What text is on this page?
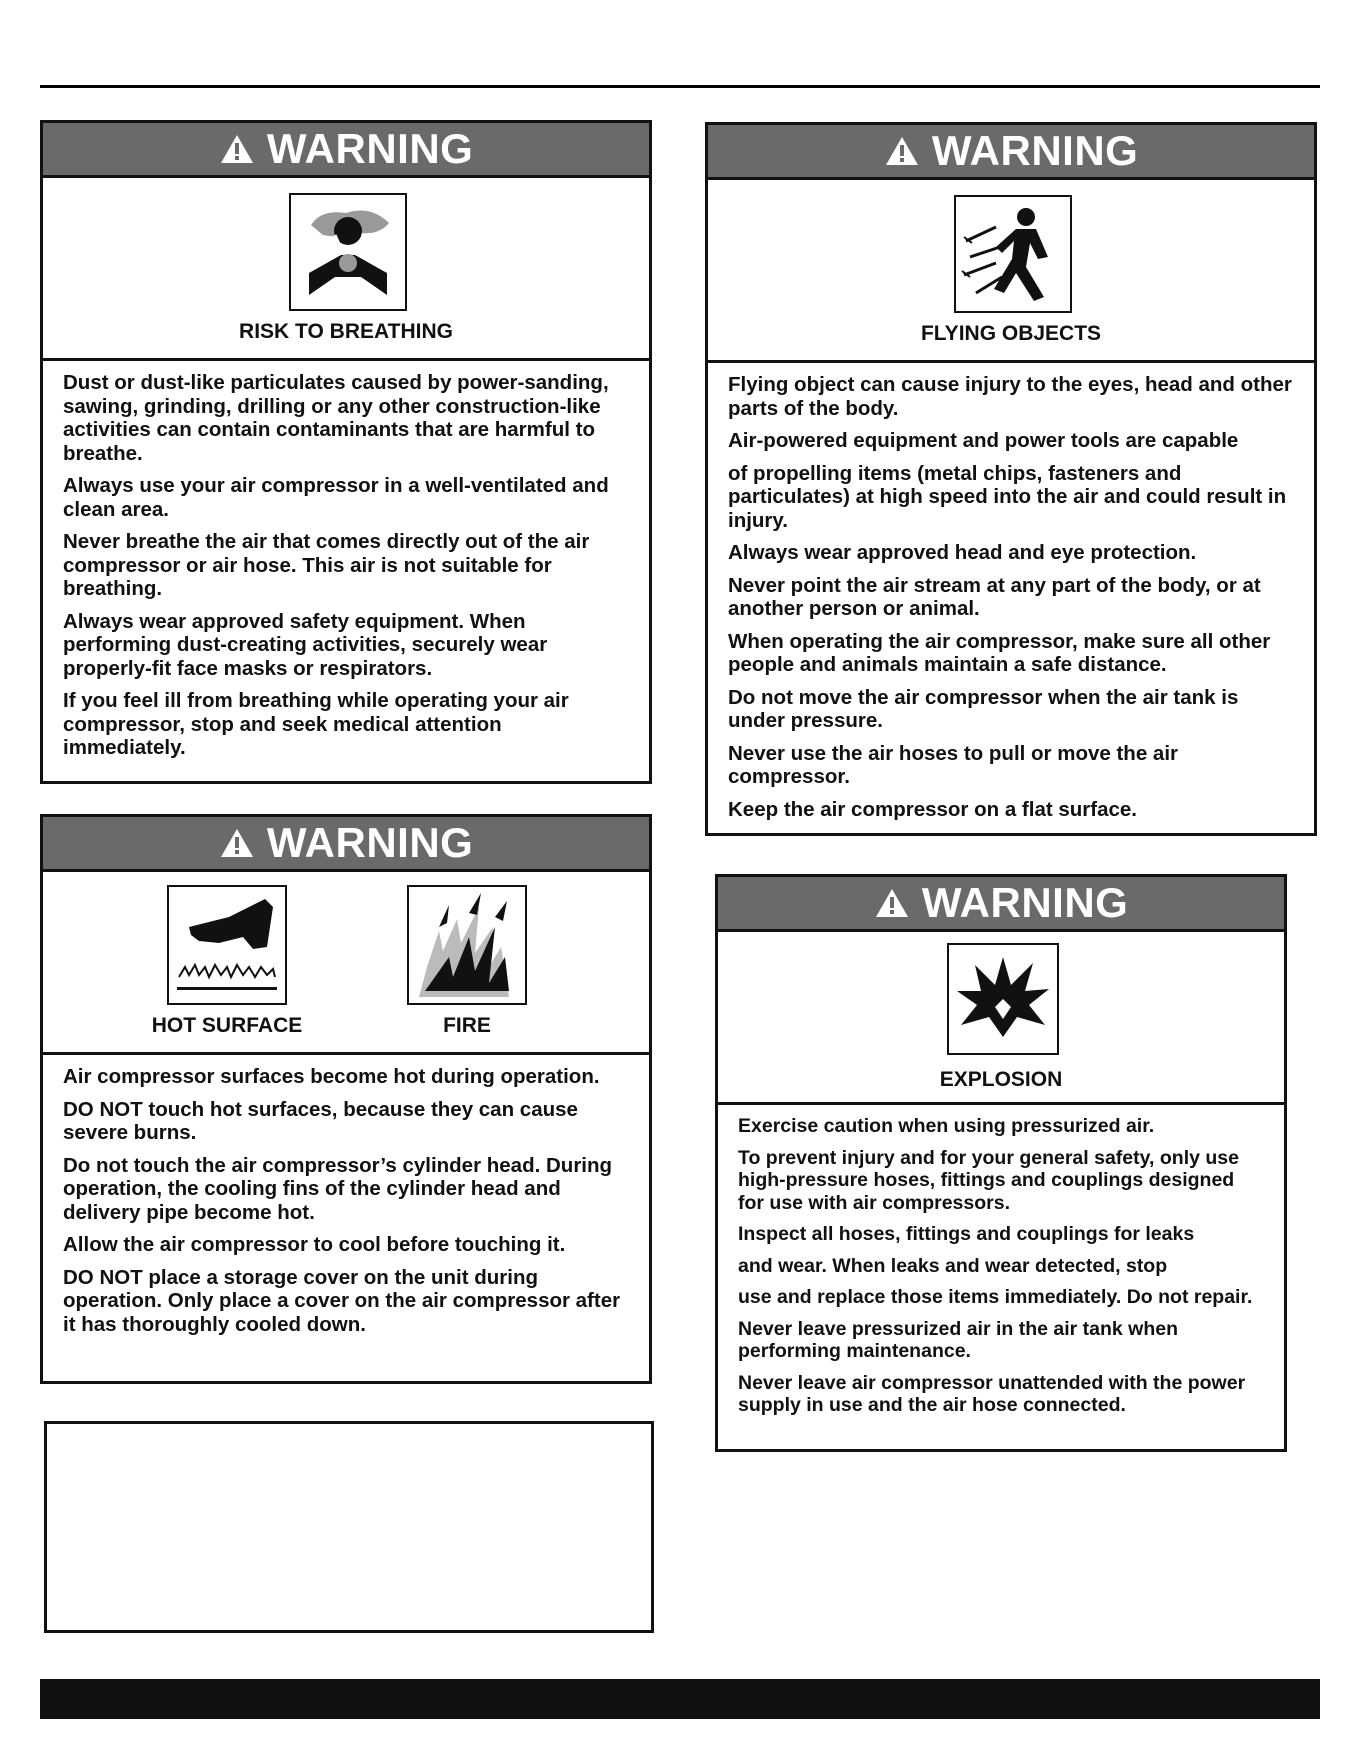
WARNING
RISK TO BREATHING

Dust or dust-like particulates caused by power-sanding, sawing, grinding, drilling or any other construction-like activities can contain contaminants that are harmful to breathe.

Always use your air compressor in a well-ventilated and clean area.

Never breathe the air that comes directly out of the air compressor or air hose. This air is not suitable for breathing.

Always wear approved safety equipment. When performing dust-creating activities, securely wear properly-fit face masks or respirators.

If you feel ill from breathing while operating your air compressor, stop and seek medical attention immediately.

WARNING
FLYING OBJECTS

Flying object can cause injury to the eyes, head and other parts of the body.

Air-powered equipment and power tools are capable

of propelling items (metal chips, fasteners and particulates) at high speed into the air and could result in injury.

Always wear approved head and eye protection.

Never point the air stream at any part of the body, or at another person or animal.

When operating the air compressor, make sure all other people and animals maintain a safe distance.

Do not move the air compressor when the air tank is under pressure.

Never use the air hoses to pull or move the air compressor.

Keep the air compressor on a flat surface.

WARNING
HOT SURFACE	FIRE

Air compressor surfaces become hot during operation.

DO NOT touch hot surfaces, because they can cause severe burns.

Do not touch the air compressor’s cylinder head. During operation, the cooling fins of the cylinder head and delivery pipe become hot.

Allow the air compressor to cool before touching it.

DO NOT place a storage cover on the unit during operation. Only place a cover on the air compressor after it has thoroughly cooled down.

WARNING
EXPLOSION

Exercise caution when using pressurized air.

To prevent injury and for your general safety, only use high-pressure hoses, fittings and couplings designed for use with air compressors.

Inspect all hoses, fittings and couplings for leaks

and wear. When leaks and wear detected, stop

use and replace those items immediately. Do not repair.

Never leave pressurized air in the air tank when performing maintenance.

Never leave air compressor unattended with the power supply in use and the air hose connected.
